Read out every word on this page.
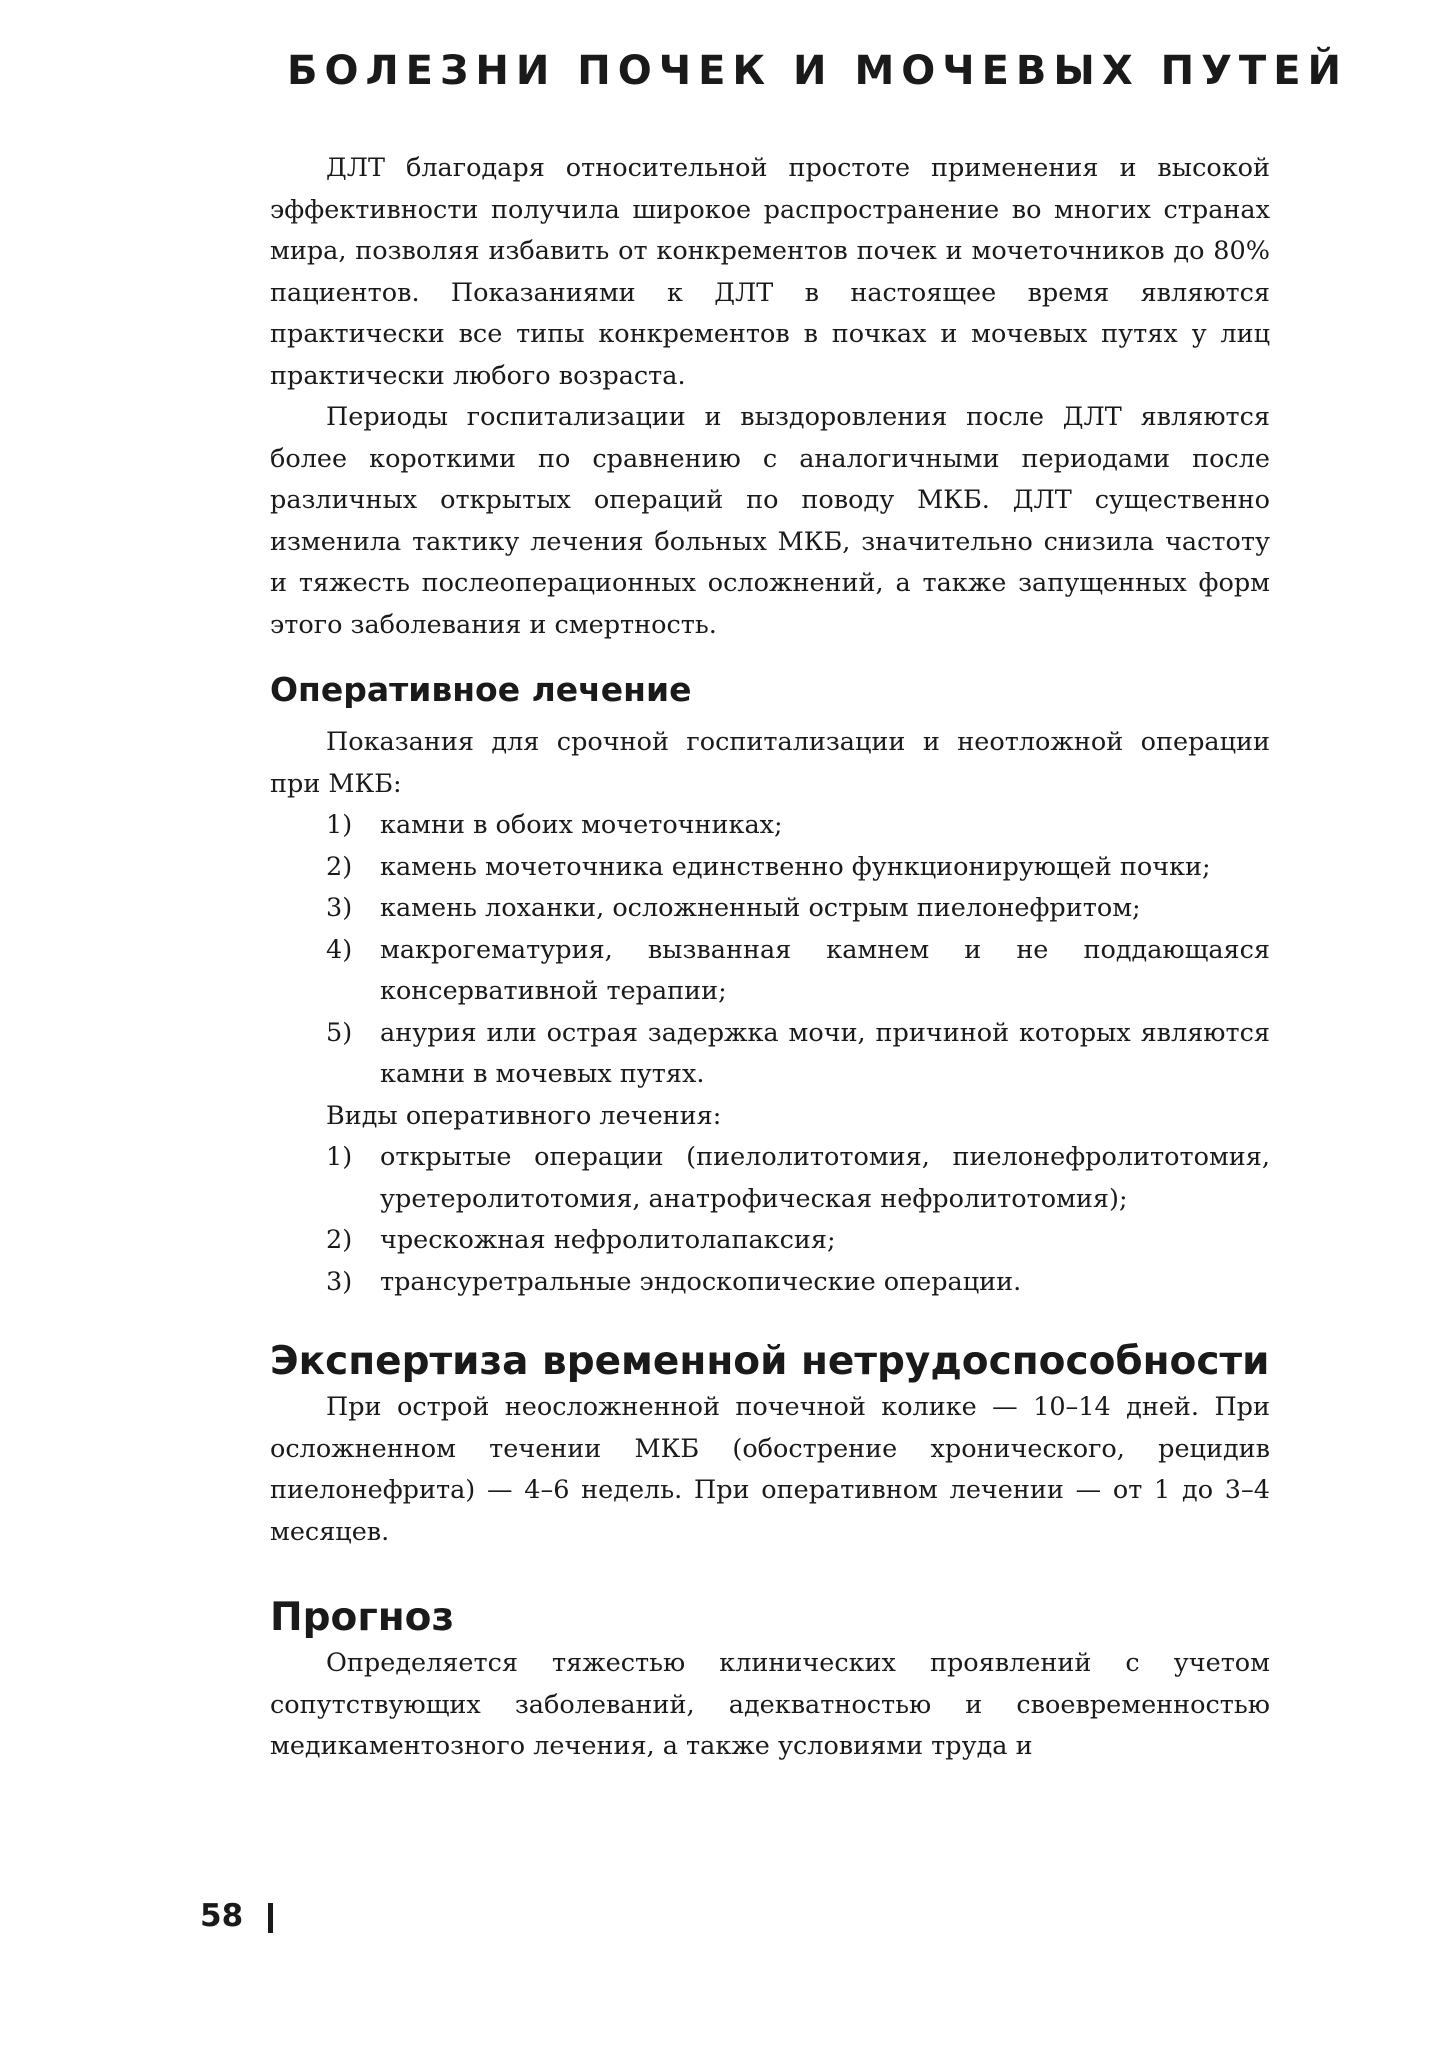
БОЛЕЗНИ ПОЧЕК И МОЧЕВЫХ ПУТЕЙ

ДЛТ благодаря относительной простоте применения и высокой эффективности получила широкое распространение во многих странах мира, позволяя избавить от конкрементов почек и мочеточников до 80% пациентов. Показаниями к ДЛТ в настоящее время являются практически все типы конкрементов в почках и мочевых путях у лиц практически любого возраста.

Периоды госпитализации и выздоровления после ДЛТ являются более короткими по сравнению с аналогичными периодами после различных открытых операций по поводу МКБ. ДЛТ существенно изменила тактику лечения больных МКБ, значительно снизила частоту и тяжесть послеоперационных осложнений, а также запущенных форм этого заболевания и смертность.

Оперативное лечение

Показания для срочной госпитализации и неотложной операции при МКБ:

1) камни в обоих мочеточниках;
2) камень мочеточника единственно функционирующей почки;
3) камень лоханки, осложненный острым пиелонефритом;
4) макрогематурия, вызванная камнем и не поддающаяся консервативной терапии;
5) анурия или острая задержка мочи, причиной которых являются камни в мочевых путях.

Виды оперативного лечения:

1) открытые операции (пиелолитотомия, пиелонефролитотомия, уретеролитотомия, анатрофическая нефролитотомия);
2) чрескожная нефролитолапаксия;
3) трансуретральные эндоскопические операции.
Экспертиза временной нетрудоспособности

При острой неосложненной почечной колике — 10–14 дней. При осложненном течении МКБ (обострение хронического, рецидив пиелонефрита) — 4–6 недель. При оперативном лечении — от 1 до 3–4 месяцев.

Прогноз

Определяется тяжестью клинических проявлений с учетом сопутствующих заболеваний, адекватностью и своевременностью медикаментозного лечения, а также условиями труда и

58
